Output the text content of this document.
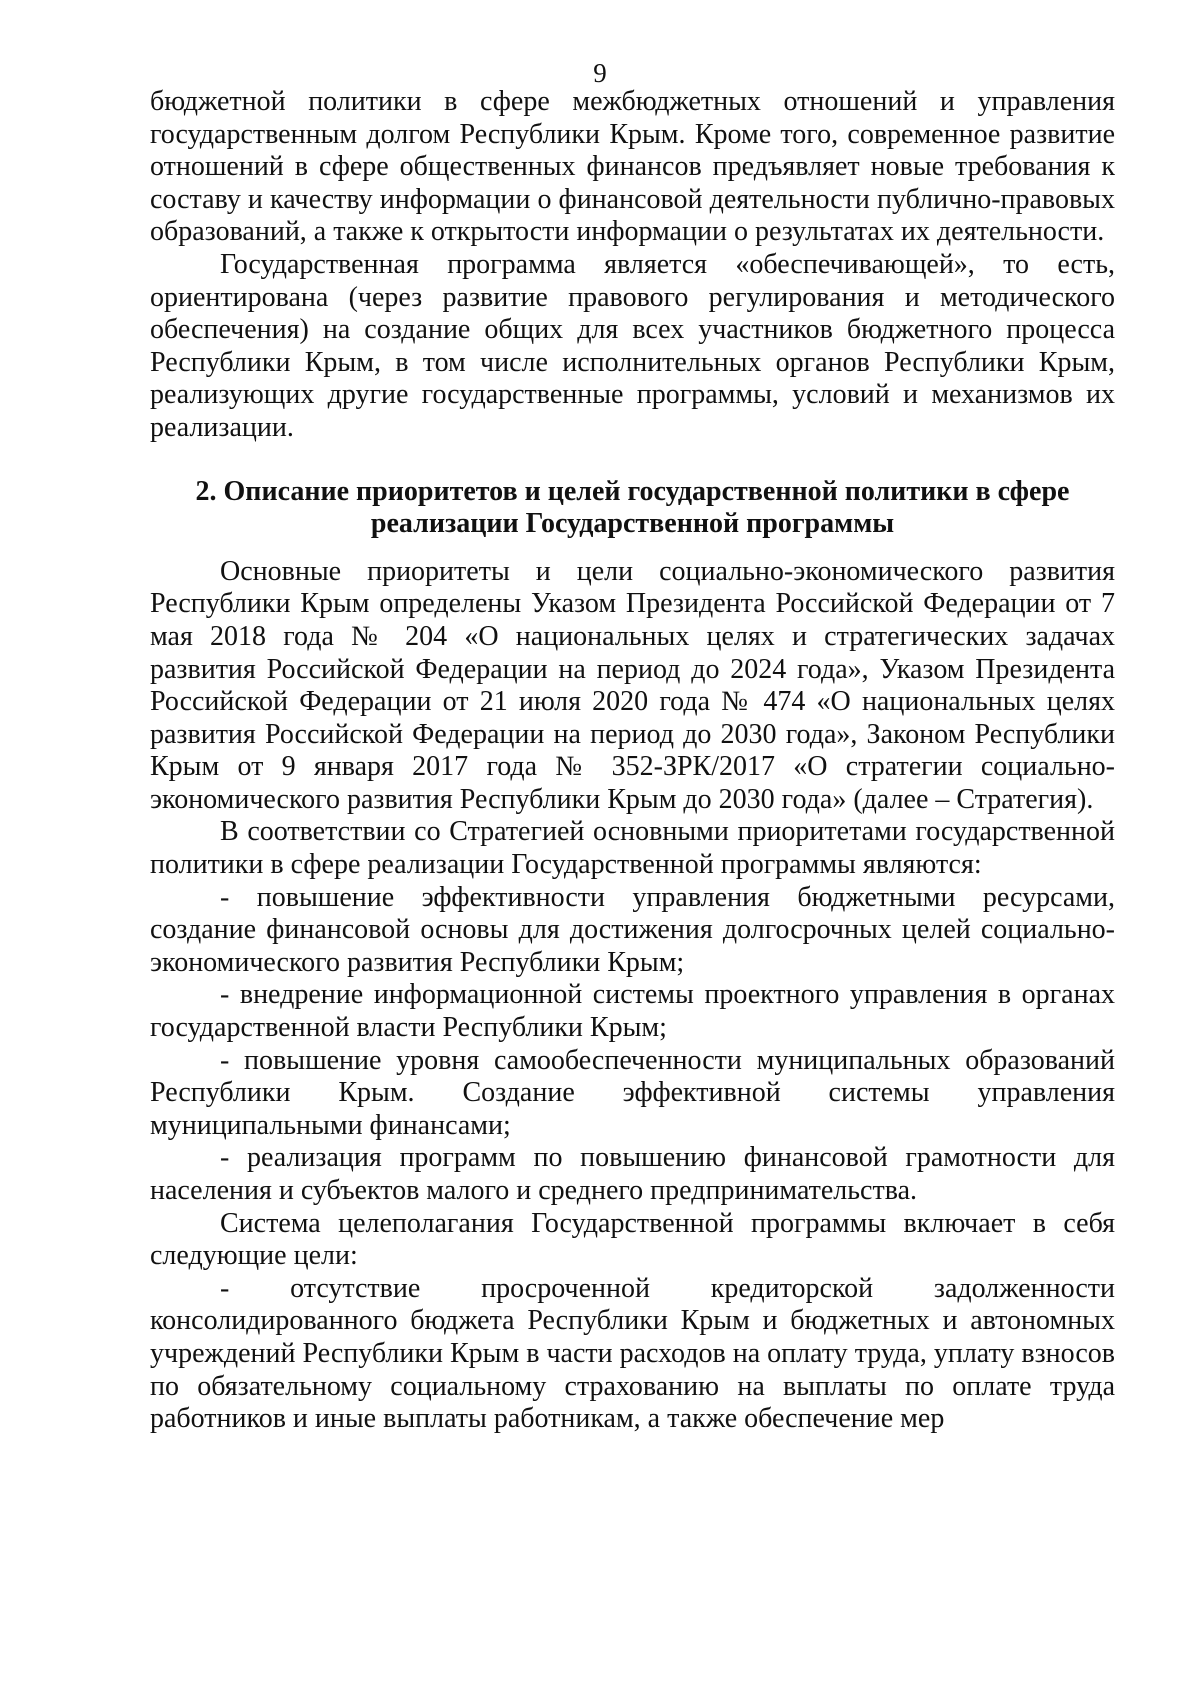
9

бюджетной политики в сфере межбюджетных отношений и управления государственным долгом Республики Крым. Кроме того, современное развитие отношений в сфере общественных финансов предъявляет новые требования к составу и качеству информации о финансовой деятельности публично-правовых образований, а также к открытости информации о результатах их деятельности.

Государственная программа является «обеспечивающей», то есть, ориентирована (через развитие правового регулирования и методического обеспечения) на создание общих для всех участников бюджетного процесса Республики Крым, в том числе исполнительных органов Республики Крым, реализующих другие государственные программы, условий и механизмов их реализации.

2. Описание приоритетов и целей государственной политики в сфере
реализации Государственной программы

Основные приоритеты и цели социально-экономического развития Республики Крым определены Указом Президента Российской Федерации от 7 мая 2018 года № 204 «О национальных целях и стратегических задачах развития Российской Федерации на период до 2024 года», Указом Президента Российской Федерации от 21 июля 2020 года № 474 «О национальных целях развития Российской Федерации на период до 2030 года», Законом Республики Крым от 9 января 2017 года № 352-ЗРК/2017 «О стратегии социально-экономического развития Республики Крым до 2030 года» (далее – Стратегия).

В соответствии со Стратегией основными приоритетами государственной политики в сфере реализации Государственной программы являются:

- повышение эффективности управления бюджетными ресурсами, создание финансовой основы для достижения долгосрочных целей социально-экономического развития Республики Крым;

- внедрение информационной системы проектного управления в органах государственной власти Республики Крым;

- повышение уровня самообеспеченности муниципальных образований Республики Крым. Создание эффективной системы управления муниципальными финансами;

- реализация программ по повышению финансовой грамотности для населения и субъектов малого и среднего предпринимательства.

Система целеполагания Государственной программы включает в себя следующие цели:

- отсутствие просроченной кредиторской задолженности консолидированного бюджета Республики Крым и бюджетных и автономных учреждений Республики Крым в части расходов на оплату труда, уплату взносов по обязательному социальному страхованию на выплаты по оплате труда работников и иные выплаты работникам, а также обеспечение мер
